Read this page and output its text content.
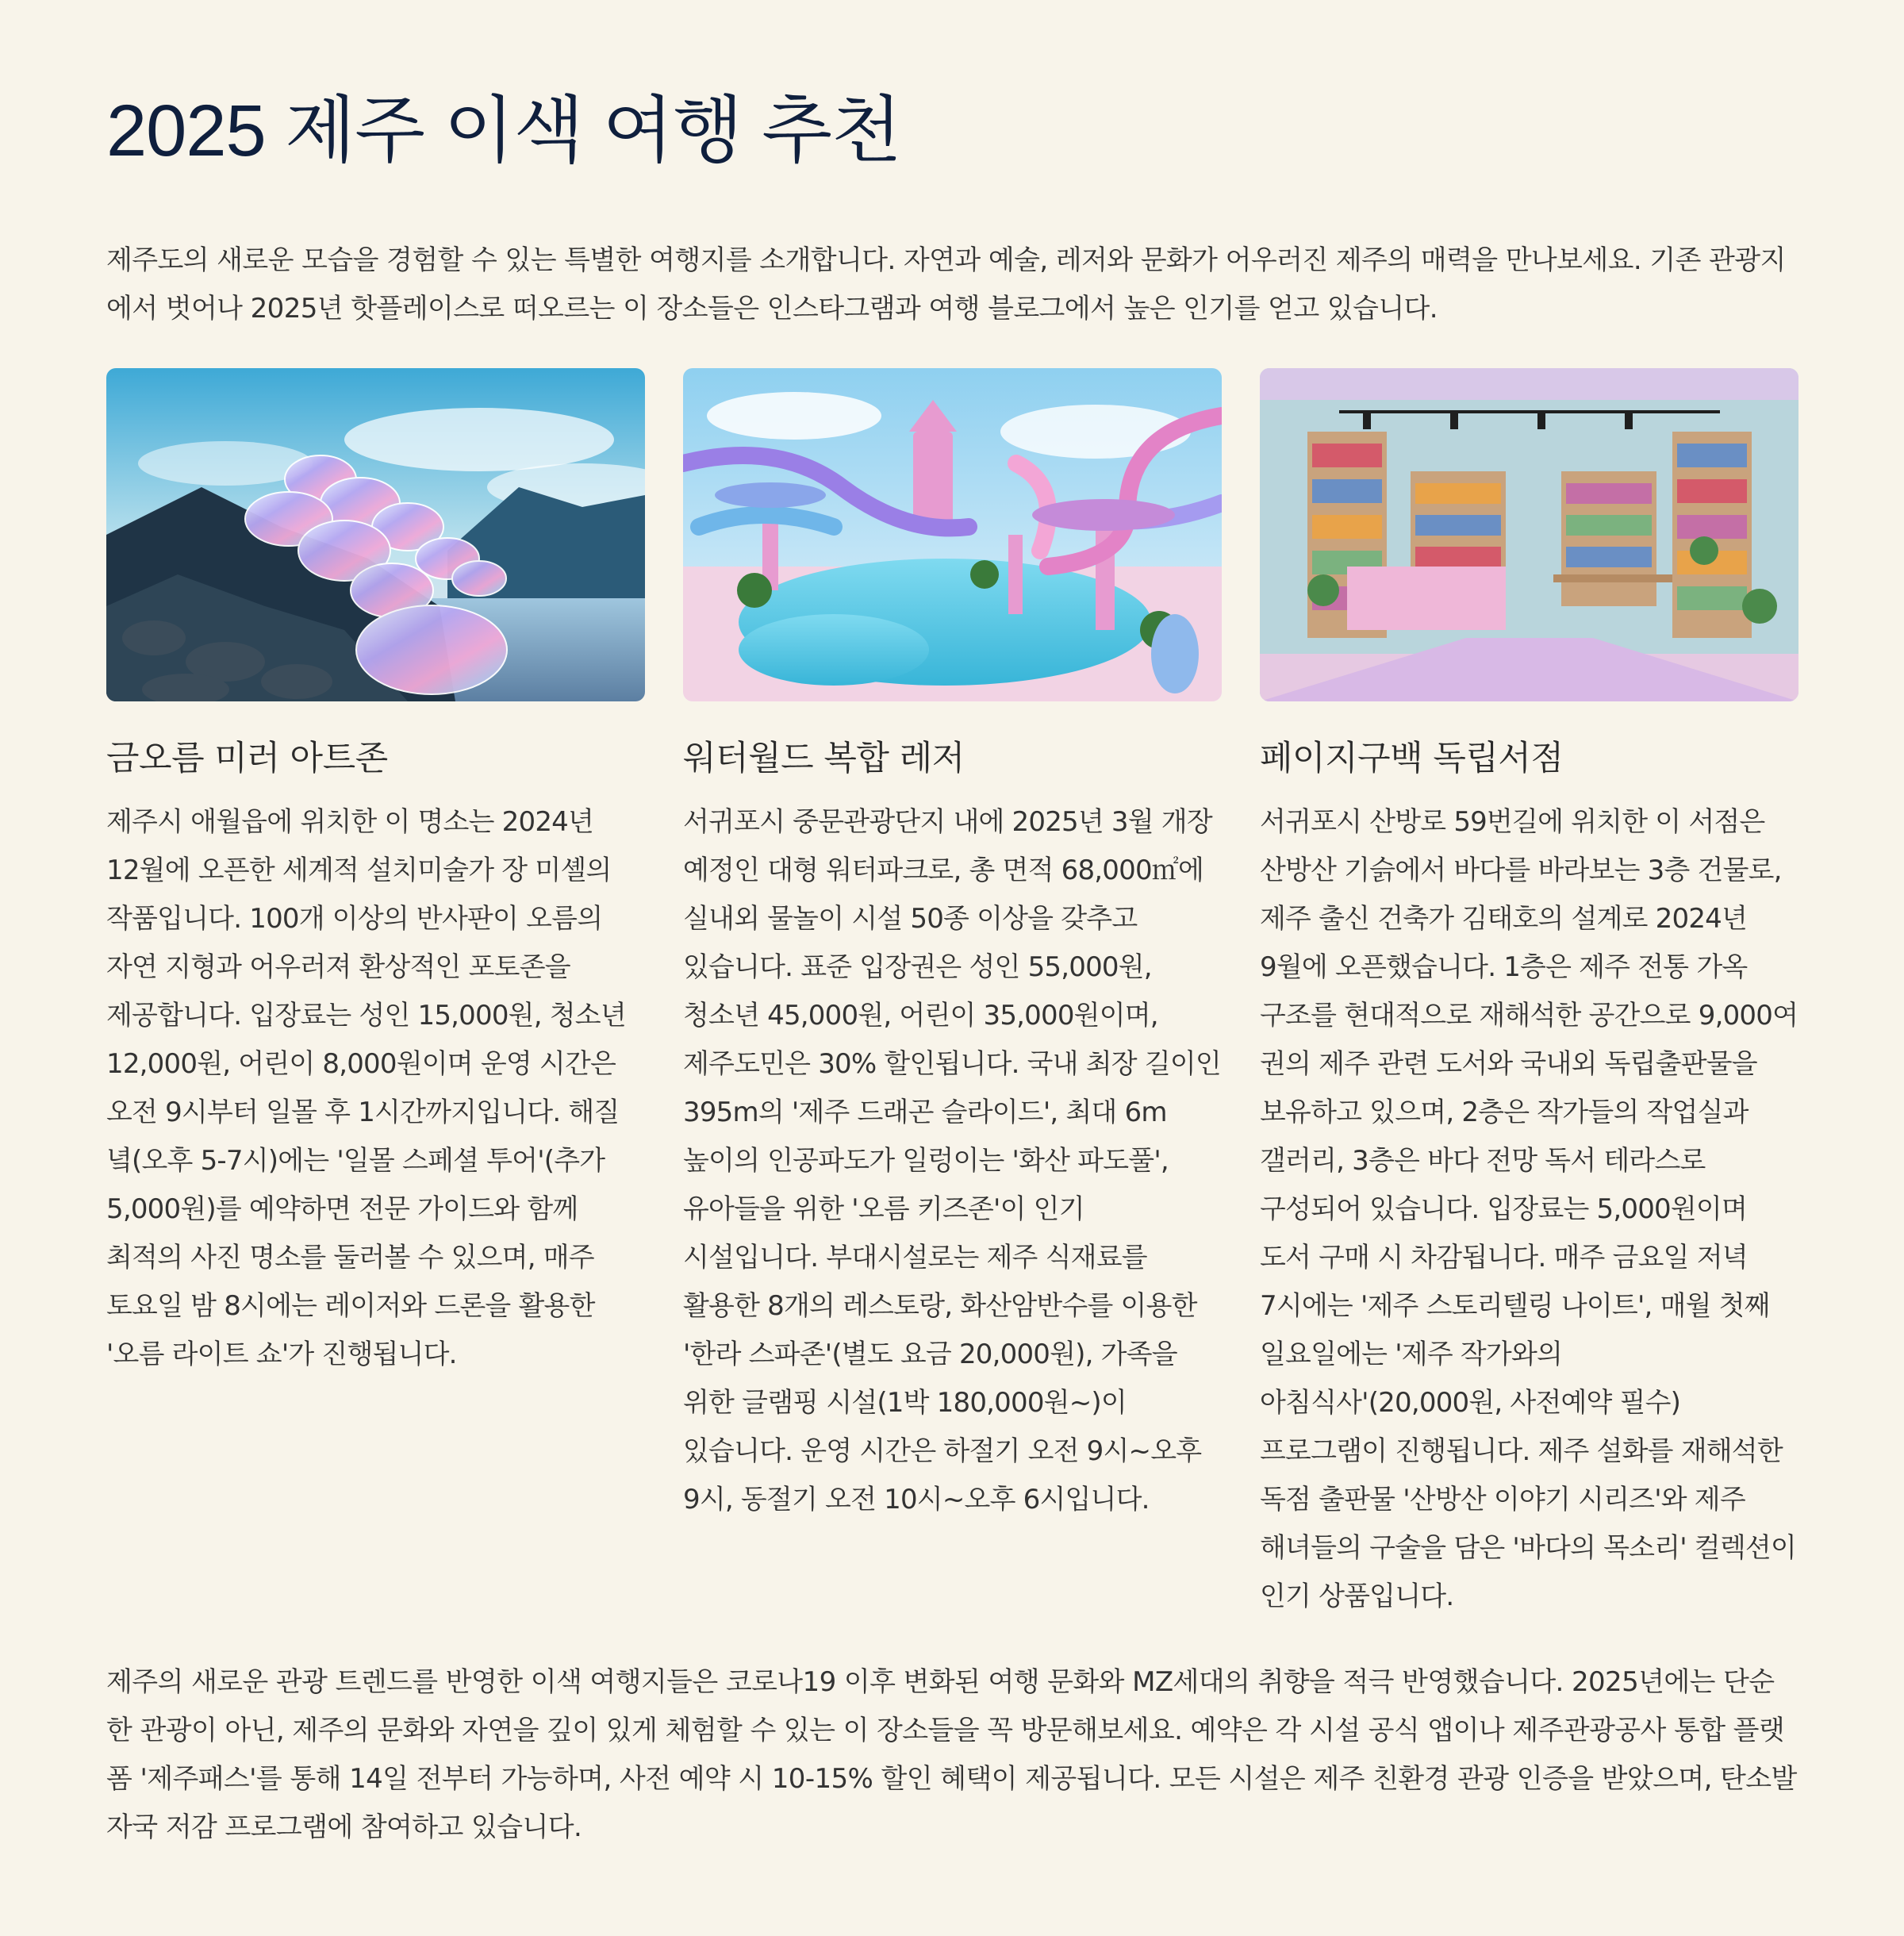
2025 제주 이색 여행 추천

제주도의 새로운 모습을 경험할 수 있는 특별한 여행지를 소개합니다. 자연과 예술, 레저와 문화가 어우러진 제주의 매력을 만나보세요. 기존 관광지에서 벗어나 2025년 핫플레이스로 떠오르는 이 장소들은 인스타그램과 여행 블로그에서 높은 인기를 얻고 있습니다.

금오름 미러 아트존

제주시 애월읍에 위치한 이 명소는 2024년 12월에 오픈한 세계적 설치미술가 장 미셸의 작품입니다. 100개 이상의 반사판이 오름의 자연 지형과 어우러져 환상적인 포토존을 제공합니다. 입장료는 성인 15,000원, 청소년 12,000원, 어린이 8,000원이며 운영 시간은 오전 9시부터 일몰 후 1시간까지입니다. 해질 녘(오후 5-7시)에는 '일몰 스페셜 투어'(추가 5,000원)를 예약하면 전문 가이드와 함께 최적의 사진 명소를 둘러볼 수 있으며, 매주 토요일 밤 8시에는 레이저와 드론을 활용한 '오름 라이트 쇼'가 진행됩니다.

워터월드 복합 레저

서귀포시 중문관광단지 내에 2025년 3월 개장 예정인 대형 워터파크로, 총 면적 68,000㎡에 실내외 물놀이 시설 50종 이상을 갖추고 있습니다. 표준 입장권은 성인 55,000원, 청소년 45,000원, 어린이 35,000원이며, 제주도민은 30% 할인됩니다. 국내 최장 길이인 395m의 '제주 드래곤 슬라이드', 최대 6m 높이의 인공파도가 일렁이는 '화산 파도풀', 유아들을 위한 '오름 키즈존'이 인기 시설입니다. 부대시설로는 제주 식재료를 활용한 8개의 레스토랑, 화산암반수를 이용한 '한라 스파존'(별도 요금 20,000원), 가족을 위한 글램핑 시설(1박 180,000원~)이 있습니다. 운영 시간은 하절기 오전 9시~오후 9시, 동절기 오전 10시~오후 6시입니다.

페이지구백 독립서점

서귀포시 산방로 59번길에 위치한 이 서점은 산방산 기슭에서 바다를 바라보는 3층 건물로, 제주 출신 건축가 김태호의 설계로 2024년 9월에 오픈했습니다. 1층은 제주 전통 가옥 구조를 현대적으로 재해석한 공간으로 9,000여 권의 제주 관련 도서와 국내외 독립출판물을 보유하고 있으며, 2층은 작가들의 작업실과 갤러리, 3층은 바다 전망 독서 테라스로 구성되어 있습니다. 입장료는 5,000원이며 도서 구매 시 차감됩니다. 매주 금요일 저녁 7시에는 '제주 스토리텔링 나이트', 매월 첫째 일요일에는 '제주 작가와의 아침식사'(20,000원, 사전예약 필수) 프로그램이 진행됩니다. 제주 설화를 재해석한 독점 출판물 '산방산 이야기 시리즈'와 제주 해녀들의 구술을 담은 '바다의 목소리' 컬렉션이 인기 상품입니다.

제주의 새로운 관광 트렌드를 반영한 이색 여행지들은 코로나19 이후 변화된 여행 문화와 MZ세대의 취향을 적극 반영했습니다. 2025년에는 단순한 관광이 아닌, 제주의 문화와 자연을 깊이 있게 체험할 수 있는 이 장소들을 꼭 방문해보세요. 예약은 각 시설 공식 앱이나 제주관광공사 통합 플랫폼 '제주패스'를 통해 14일 전부터 가능하며, 사전 예약 시 10-15% 할인 혜택이 제공됩니다. 모든 시설은 제주 친환경 관광 인증을 받았으며, 탄소발자국 저감 프로그램에 참여하고 있습니다.
